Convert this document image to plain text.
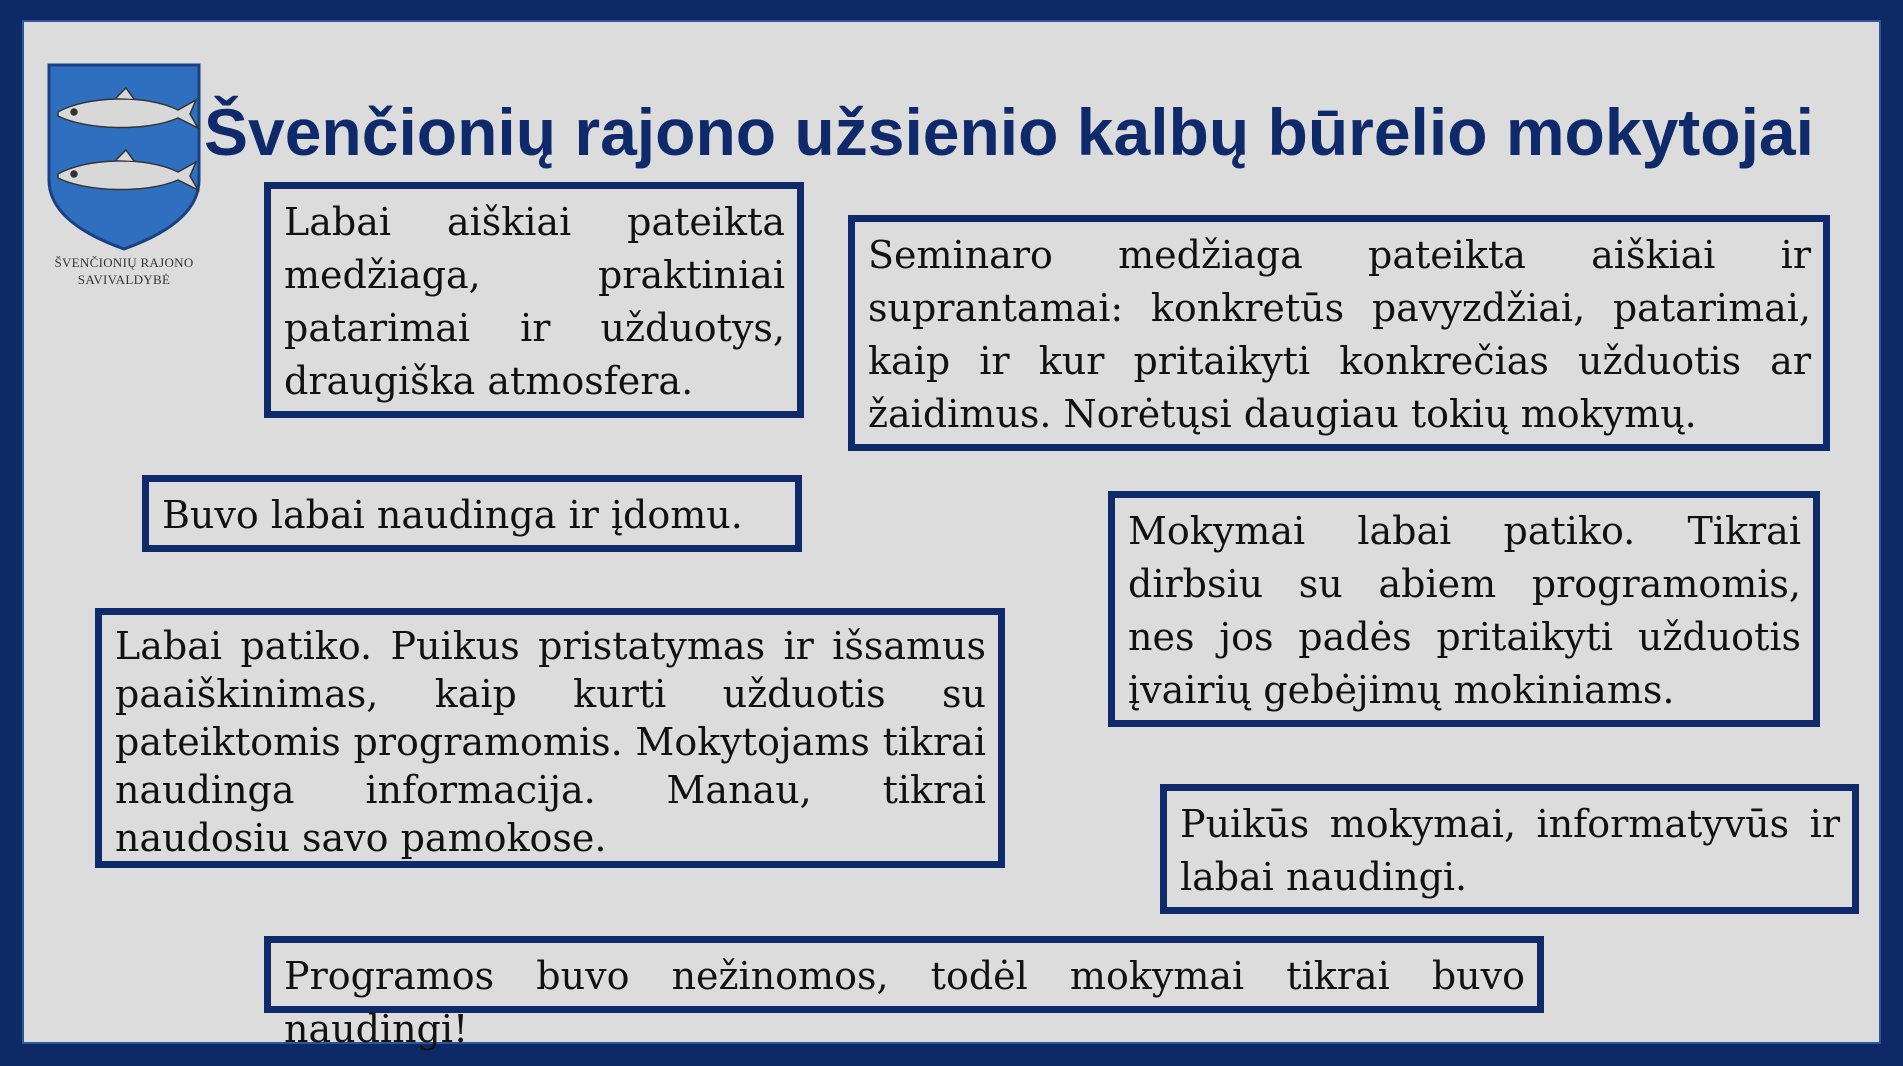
ŠVENČIONIŲ RAJONO
SAVIVALDYBĖ
Švenčionių rajono užsienio kalbų būrelio mokytojai
Labai aiškiai pateikta medžiaga, praktiniai patarimai ir užduotys, draugiška atmosfera.
Seminaro medžiaga pateikta aiškiai ir suprantamai: konkretūs pavyzdžiai, patarimai, kaip ir kur pritaikyti konkrečias užduotis ar žaidimus. Norėtųsi daugiau tokių mokymų.
Buvo labai naudinga ir įdomu.	Mokymai labai patiko. Tikrai dirbsiu su abiem programomis, nes jos padės pritaikyti užduotis įvairių gebėjimų mokiniams.
Labai patiko. Puikus pristatymas ir išsamus paaiškinimas, kaip kurti užduotis su pateiktomis programomis. Mokytojams tikrai naudinga informacija. Manau, tikrai naudosiu savo pamokose.	Puikūs mokymai, informatyvūs ir labai naudingi.
Programos buvo nežinomos, todėl mokymai tikrai buvo naudingi!
